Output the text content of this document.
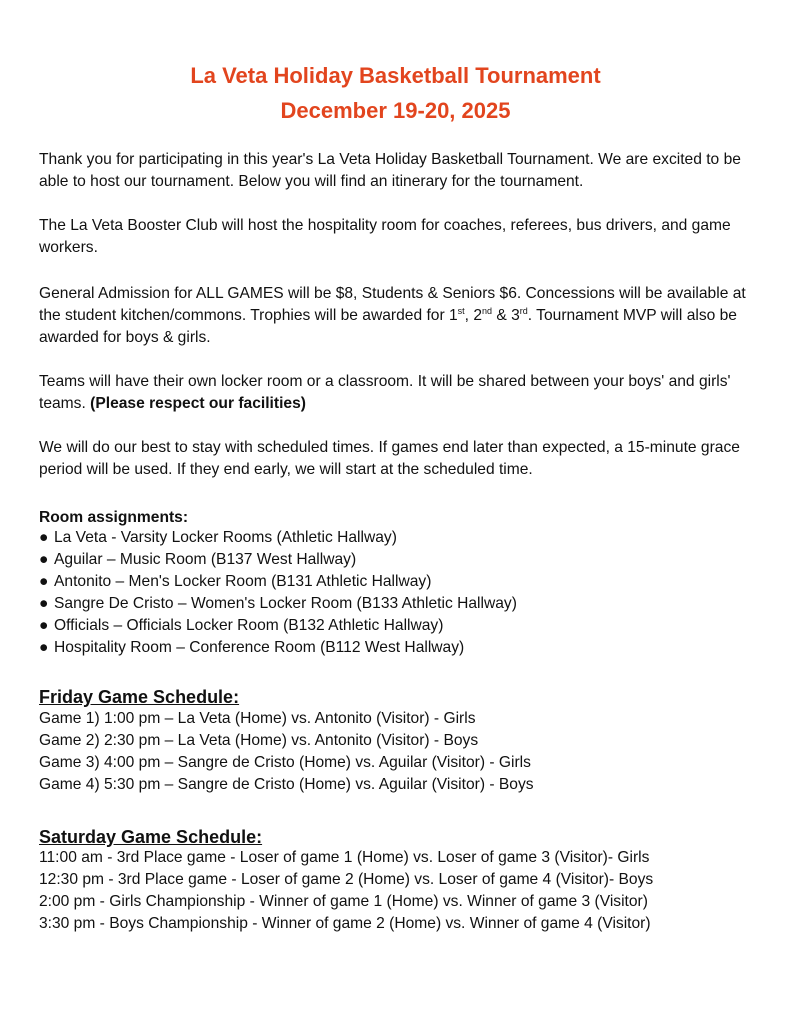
La Veta Holiday Basketball Tournament
December 19-20, 2025
Thank you for participating in this year's La Veta Holiday Basketball Tournament. We are excited to be able to host our tournament. Below you will find an itinerary for the tournament.
The La Veta Booster Club will host the hospitality room for coaches, referees, bus drivers, and game workers.
General Admission for ALL GAMES will be $8, Students & Seniors $6. Concessions will be available at the student kitchen/commons. Trophies will be awarded for 1st, 2nd & 3rd. Tournament MVP will also be awarded for boys & girls.
Teams will have their own locker room or a classroom. It will be shared between your boys' and girls' teams. (Please respect our facilities)
We will do our best to stay with scheduled times. If games end later than expected, a 15-minute grace period will be used. If they end early, we will start at the scheduled time.
Room assignments:
● La Veta - Varsity Locker Rooms (Athletic Hallway)
● Aguilar – Music Room (B137 West Hallway)
● Antonito – Men's Locker Room (B131 Athletic Hallway)
● Sangre De Cristo – Women's Locker Room (B133 Athletic Hallway)
● Officials – Officials Locker Room (B132 Athletic Hallway)
● Hospitality Room – Conference Room (B112 West Hallway)
Friday Game Schedule:
Game 1) 1:00 pm – La Veta (Home) vs. Antonito (Visitor) - Girls
Game 2) 2:30 pm – La Veta (Home) vs. Antonito (Visitor) - Boys
Game 3) 4:00 pm – Sangre de Cristo (Home) vs. Aguilar (Visitor) - Girls
Game 4) 5:30 pm – Sangre de Cristo (Home) vs. Aguilar (Visitor) - Boys
Saturday Game Schedule:
11:00 am - 3rd Place game - Loser of game 1 (Home) vs. Loser of game 3 (Visitor)- Girls
12:30 pm - 3rd Place game - Loser of game 2 (Home) vs. Loser of game 4 (Visitor)- Boys
2:00 pm - Girls Championship - Winner of game 1 (Home) vs. Winner of game 3 (Visitor)
3:30 pm - Boys Championship - Winner of game 2 (Home) vs. Winner of game 4 (Visitor)
